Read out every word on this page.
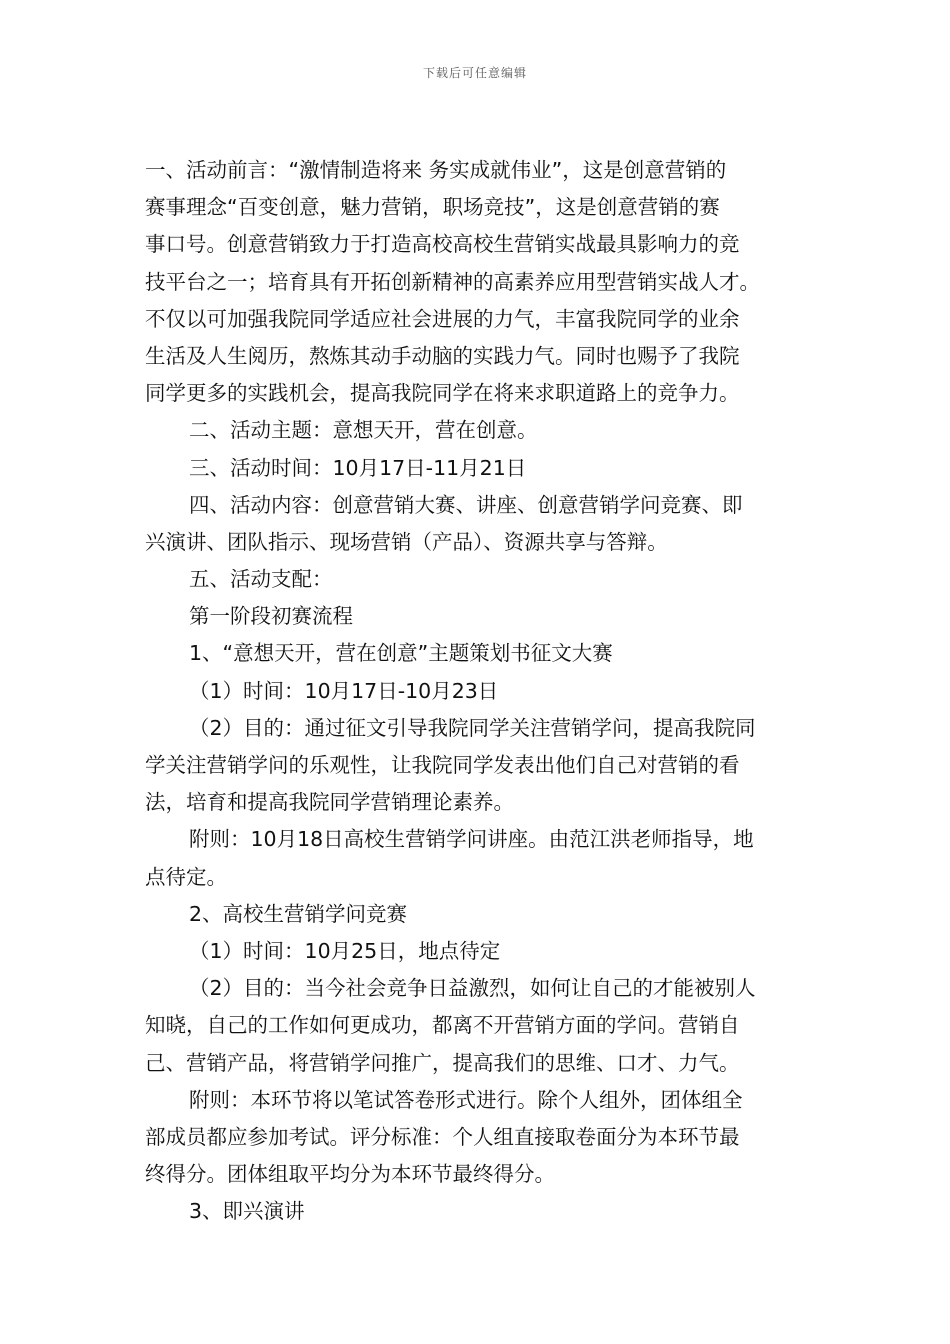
下载后可任意编辑
一、活动前言：“激情制造将来 务实成就伟业”，这是创意营销的
赛事理念“百变创意，魅力营销，职场竞技”，这是创意营销的赛
事口号。创意营销致力于打造高校高校生营销实战最具影响力的竞
技平台之一；培育具有开拓创新精神的高素养应用型营销实战人才。
不仅以可加强我院同学适应社会进展的力气，丰富我院同学的业余
生活及人生阅历，熬炼其动手动脑的实践力气。同时也赐予了我院
同学更多的实践机会，提高我院同学在将来求职道路上的竞争力。
二、活动主题：意想天开，营在创意。
三、活动时间：10月17日-11月21日
四、活动内容：创意营销大赛、讲座、创意营销学问竞赛、即
兴演讲、团队指示、现场营销（产品）、资源共享与答辩。
五、活动支配：
第一阶段初赛流程
1、“意想天开，营在创意”主题策划书征文大赛
（1）时间：10月17日-10月23日
（2）目的：通过征文引导我院同学关注营销学问，提高我院同
学关注营销学问的乐观性，让我院同学发表出他们自己对营销的看
法，培育和提高我院同学营销理论素养。
附则：10月18日高校生营销学问讲座。由范江洪老师指导，地
点待定。
2、高校生营销学问竞赛
（1）时间：10月25日，地点待定
（2）目的：当今社会竞争日益激烈，如何让自己的才能被别人
知晓，自己的工作如何更成功，都离不开营销方面的学问。营销自
己、营销产品，将营销学问推广，提高我们的思维、口才、力气。
附则：本环节将以笔试答卷形式进行。除个人组外，团体组全
部成员都应参加考试。评分标准：个人组直接取卷面分为本环节最
终得分。团体组取平均分为本环节最终得分。
3、即兴演讲
